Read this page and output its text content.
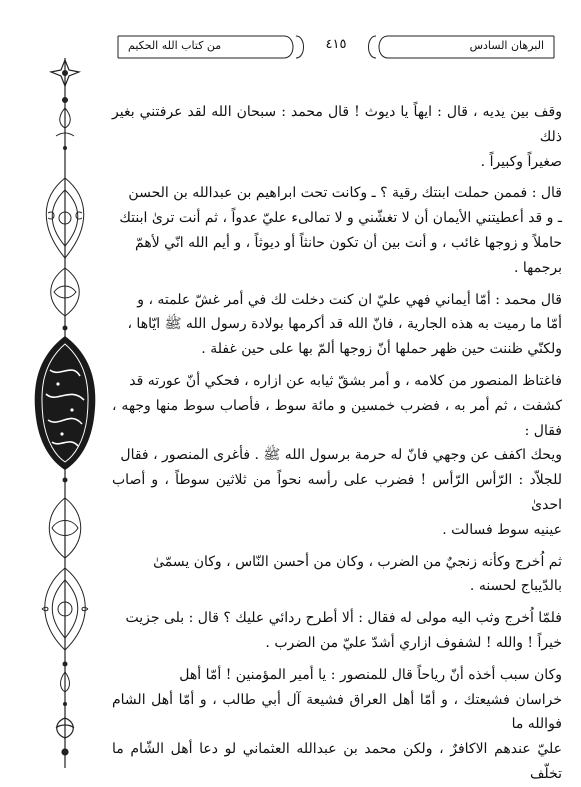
من كتاب الله الحكيم	٤١٥	البرهان السادس

وقف بين يديه ، قال : ايهاً يا ديوث ! قال محمد : سبحان الله لقد عرفتني بغير ذلك
صغيراً وكبيراً .

قال : فممن حملت ابنتك رقية ؟ ـ وكانت تحت ابراهيم بن عبدالله بن الحسن
ـ و قد أعطيتني الأيمان أن لا تغشّني و لا تمالىء عليّ عدواً ، ثم أنت ترىٰ ابنتك
حاملاً و زوجها غائب ، و أنت بين أن تكون حانثاً أو ديوثاً ، و أيم الله انّي لأهمّ
برجمها .

قال محمد : أمّا أيماني فهي عليّ ان كنت دخلت لك في أمر غشّ علمته ، و
أمّا ما رميت به هذه الجارية ، فانّ الله قد أكرمها بولادة رسول الله ﷺ ايّاها ،
ولكنّي ظننت حين ظهر حملها أنّ زوجها ألمّ بها على حين غفلة .

فاغتاظ المنصور من كلامه ، و أمر بشقّ ثيابه عن ازاره ، فحكي أنّ عورته قد
كشفت ، ثم أمر به ، فضرب خمسين و مائة سوط ، فأصاب سوط منها وجهه ، فقال :
ويحك اكفف عن وجهي فانّ له حرمة برسول الله ﷺ . فأغرى المنصور ، فقال
للجلاّد : الرّأس الرّأس ! فضرب على رأسه نحواً من ثلاثين سوطاً ، و أصاب احدىٰ
عينيه سوط فسالت .

ثم اُخرج وكأنه زنجيٌ من الضرب ، وكان من أحسن النّاس ، وكان يسمّىٰ
بالدّيباج لحسنه .

فلمّا اُخرج وثب اليه مولى له فقال : ألا أطرح ردائي عليك ؟ قال : بلى جزيت
خيراً ! والله ! لشفوف ازاري أشدّ عليّ من الضرب .

وكان سبب أخذه أنّ رياحاً قال للمنصور : يا أمير المؤمنين ! أمّا أهل
خراسان فشيعتك ، و أمّا أهل العراق فشيعة آل أبي طالب ، و أمّا أهل الشام فوالله ما
عليّ عندهم الاكافرٌ ، ولكن محمد بن عبدالله العثماني لو دعا أهل الشّام ما تخلّف
